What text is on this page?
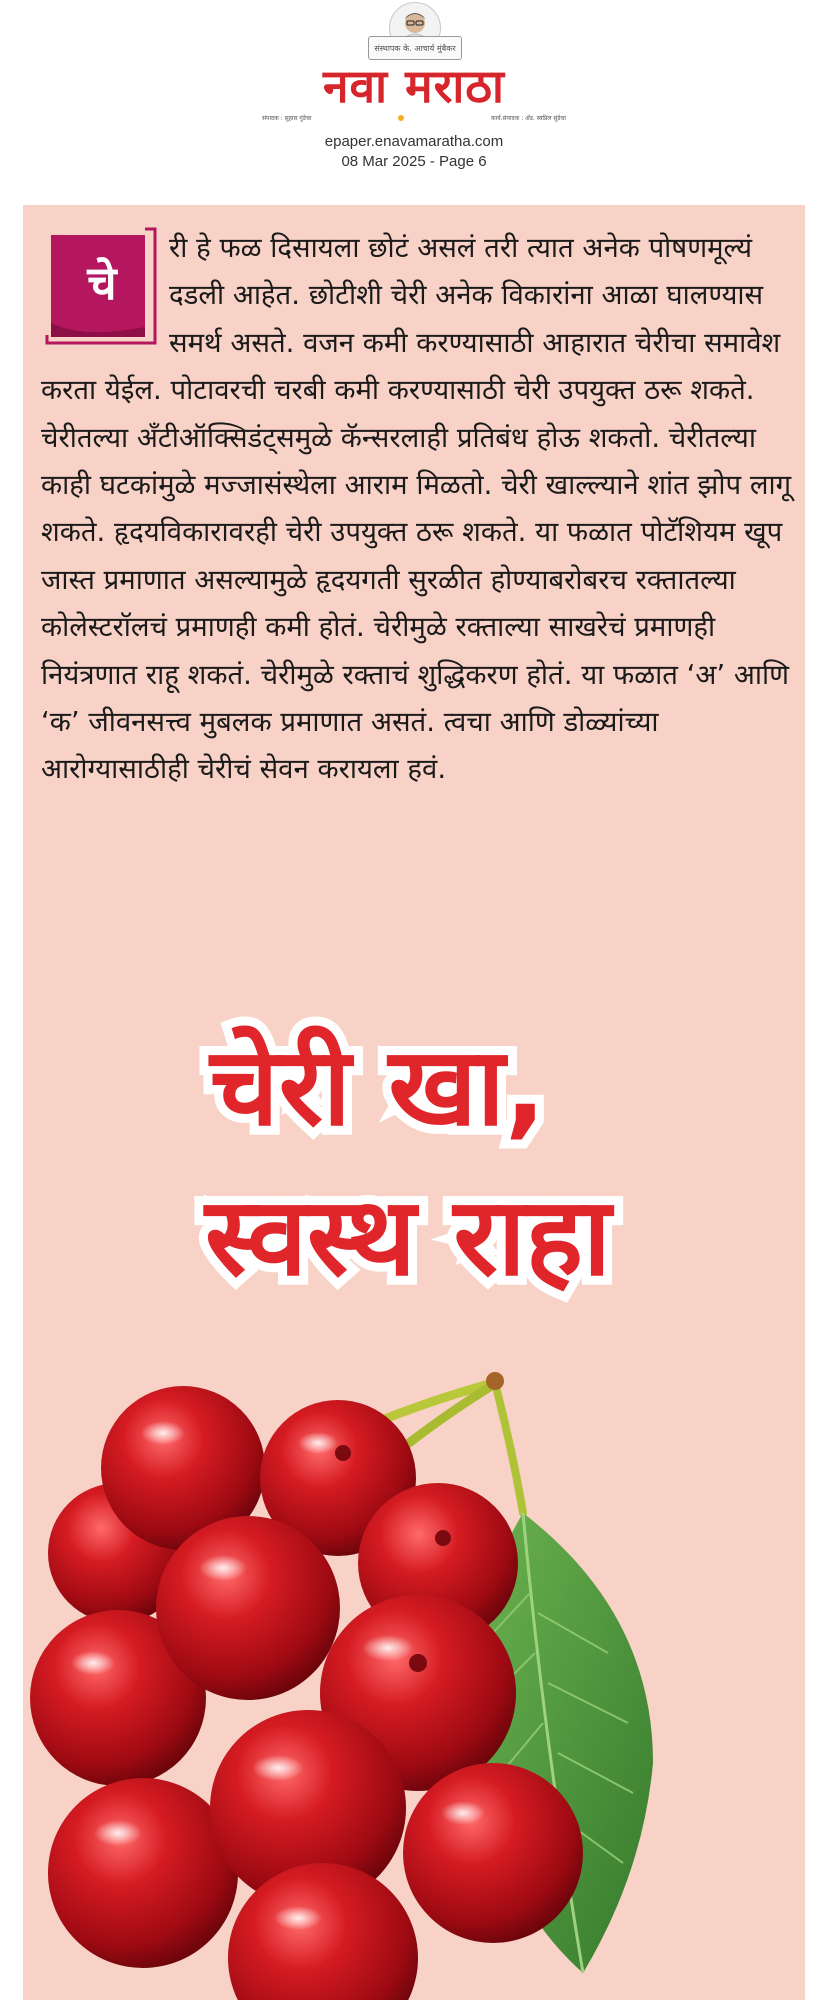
संस्थापक के. आचार्य मुंबैकर
नवा मराठा
संपादक : सुहास गुंडेचा	कार्य.संपादक : ॲड. स्वप्निल सुंडेचा
epaper.enavamaratha.com
08 Mar 2025 - Page 6
चे

री हे फळ दिसायला छोटं असलं तरी त्यात अनेक पोषणमूल्यं दडली आहेत. छोटीशी चेरी अनेक विकारांना आळा घालण्यास समर्थ असते. वजन कमी करण्यासाठी आहारात चेरीचा समावेश करता येईल. पोटावरची चरबी कमी करण्यासाठी चेरी उपयुक्त ठरू शकते. चेरीतल्या अँटीऑक्सिडंट्समुळे कॅन्सरलाही प्रतिबंध होऊ शकतो. चेरीतल्या काही घटकांमुळे मज्जासंस्थेला आराम मिळतो. चेरी खाल्ल्याने शांत झोप लागू शकते. हृदयविकारावरही चेरी उपयुक्त ठरू शकते. या फळात पोटॅशियम खूप जास्त प्रमाणात असल्यामुळे हृदयगती सुरळीत होण्याबरोबरच रक्तातल्या कोलेस्टरॉलचं प्रमाणही कमी होतं. चेरीमुळे रक्ताल्या साखरेचं प्रमाणही नियंत्रणात राहू शकतं. चेरीमुळे रक्ताचं शुद्धिकरण होतं. या फळात ‘अ’ आणि ‘क’ जीवनसत्त्व मुबलक प्रमाणात असतं. त्वचा आणि डोळ्यांच्या आरोग्यासाठीही चेरीचं सेवन करायला हवं.

चेरी खा,
स्वस्थ राहा
